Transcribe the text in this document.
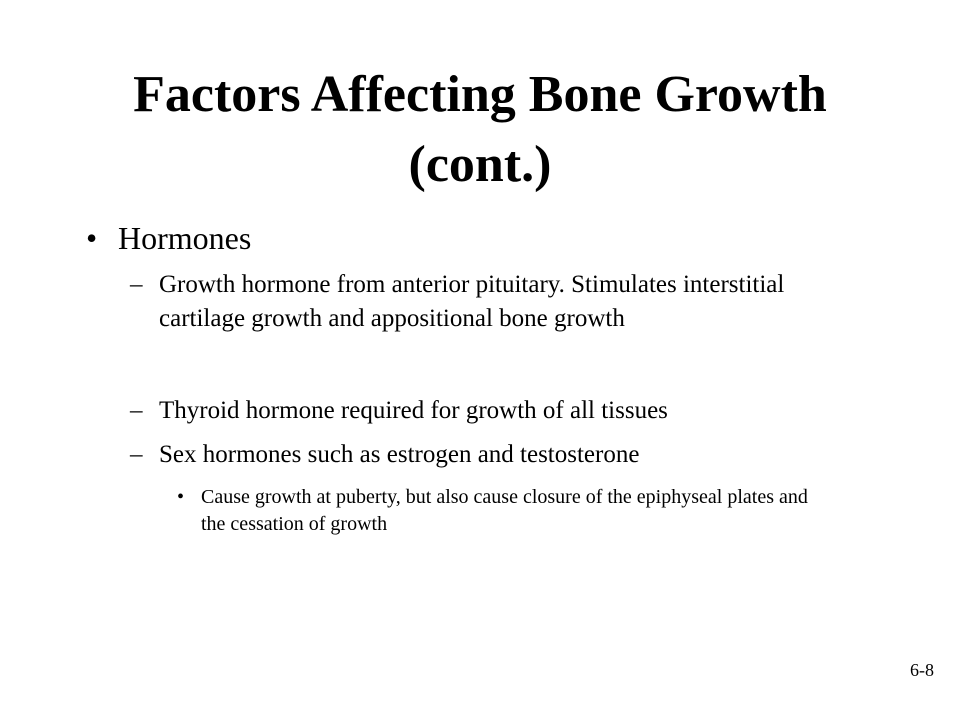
Factors Affecting Bone Growth
(cont.)
• Hormones
– Growth hormone from anterior pituitary. Stimulates interstitial cartilage growth and appositional bone growth
– Thyroid hormone required for growth of all tissues
– Sex hormones such as estrogen and testosterone
• Cause growth at puberty, but also cause closure of the epiphyseal plates and the cessation of growth
6-8
